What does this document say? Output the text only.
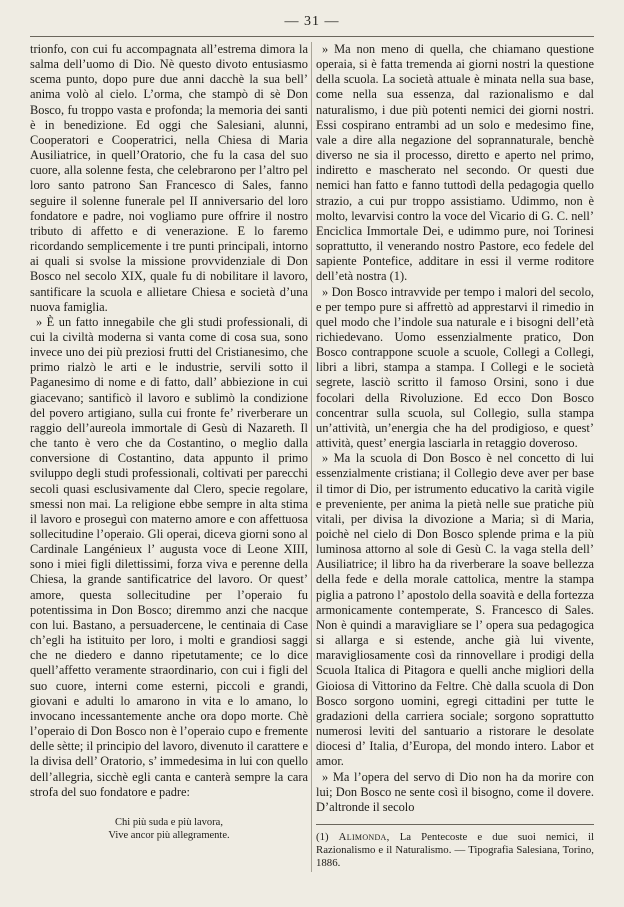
— 31 —

trionfo, con cui fu accompagnata all’estrema dimora la salma dell’uomo di Dio. Nè questo divoto entusiasmo scema punto, dopo pure due anni dacchè la sua bell’ anima volò al cielo. L’orma, che stampò di sè Don Bosco, fu troppo vasta e profonda; la memoria dei santi è in benedizione. Ed oggi che Salesiani, alunni, Cooperatori e Cooperatrici, nella Chiesa di Maria Ausiliatrice, in quell’Oratorio, che fu la casa del suo cuore, alla solenne festa, che celebrarono per l’altro pel loro santo patrono San Francesco di Sales, fanno seguire il solenne funerale pel II anniversario del loro fondatore e padre, noi vogliamo pure offrire il nostro tributo di affetto e di venerazione. E lo faremo ricordando semplicemente i tre punti principali, intorno ai quali si svolse la missione provvidenziale di Don Bosco nel secolo XIX, quale fu di nobilitare il lavoro, santificare la scuola e allietare Chiesa e società d’una nuova famiglia.

» È un fatto innegabile che gli studi professionali, di cui la civiltà moderna si vanta come di cosa sua, sono invece uno dei più preziosi frutti del Cristianesimo, che primo rialzò le arti e le industrie, servili sotto il Paganesimo di nome e di fatto, dall’ abbiezione in cui giacevano; santificò il lavoro e sublimò la condizione del povero artigiano, sulla cui fronte fe’ riverberare un raggio dell’aureola immortale di Gesù di Nazareth. Il che tanto è vero che da Costantino, o meglio dalla conversione di Costantino, data appunto il primo sviluppo degli studi professionali, coltivati per parecchi secoli quasi esclusivamente dal Clero, specie regolare, smessi non mai. La religione ebbe sempre in alta stima il lavoro e proseguì con materno amore e con affettuosa sollecitudine l’operaio. Gli operai, diceva giorni sono al Cardinale Langénieux l’ augusta voce di Leone XIII, sono i miei figli dilettissimi, forza viva e perenne della Chiesa, la grande santificatrice del lavoro. Or quest’ amore, questa sollecitudine per l’operaio fu potentissima in Don Bosco; diremmo anzi che nacque con lui. Bastano, a persuadercene, le centinaia di Case ch’egli ha istituito per loro, i molti e grandiosi saggi che ne diedero e danno ripetutamente; ce lo dice quell’affetto veramente straordinario, con cui i figli del suo cuore, interni come esterni, piccoli e grandi, giovani e adulti lo amarono in vita e lo amano, lo invocano incessantemente anche ora dopo morte. Chè l’operaio di Don Bosco non è l’operaio cupo e fremente delle sètte; il principio del lavoro, divenuto il carattere e la divisa dell’ Oratorio, s’ immedesima in lui con quello dell’allegria, sicchè egli canta e canterà sempre la cara strofa del suo fondatore e padre:

Chi più suda e più lavora,
Vive ancor più allegramente.

» Ma non meno di quella, che chiamano questione operaia, si è fatta tremenda ai giorni nostri la questione della scuola. La società attuale è minata nella sua base, come nella sua essenza, dal razionalismo e dal naturalismo, i due più potenti nemici dei giorni nostri. Essi cospirano entrambi ad un solo e medesimo fine, vale a dire alla negazione del soprannaturale, benchè diverso ne sia il processo, diretto e aperto nel primo, indiretto e mascherato nel secondo. Or questi due nemici han fatto e fanno tuttodì della pedagogia quello strazio, a cui pur troppo assistiamo. Udimmo, non è molto, levarvisi contro la voce del Vicario di G. C. nell’ Enciclica Immortale Dei, e udimmo pure, noi Torinesi soprattutto, il venerando nostro Pastore, eco fedele del sapiente Pontefice, additare in essi il verme roditore dell’età nostra (1).

» Don Bosco intravvide per tempo i malori del secolo, e per tempo pure si affrettò ad apprestarvi il rimedio in quel modo che l’indole sua naturale e i bisogni dell’età richiedevano. Uomo essenzialmente pratico, Don Bosco contrappone scuole a scuole, Collegi a Collegi, libri a libri, stampa a stampa. I Collegi e le società segrete, lasciò scritto il famoso Orsini, sono i due focolari della Rivoluzione. Ed ecco Don Bosco concentrar sulla scuola, sul Collegio, sulla stampa un’attività, un’energia che ha del prodigioso, e quest’ attività, quest’ energia lasciarla in retaggio doveroso.

» Ma la scuola di Don Bosco è nel concetto di lui essenzialmente cristiana; il Collegio deve aver per base il timor di Dio, per istrumento educativo la carità vigile e preveniente, per anima la pietà nelle sue pratiche più vitali, per divisa la divozione a Maria; sì di Maria, poichè nel cielo di Don Bosco splende prima e la più luminosa attorno al sole di Gesù C. la vaga stella dell’ Ausiliatrice; il libro ha da riverberare la soave bellezza della fede e della morale cattolica, mentre la stampa piglia a patrono l’ apostolo della soavità e della fortezza armonicamente contemperate, S. Francesco di Sales. Non è quindi a maravigliare se l’ opera sua pedagogica si allarga e si estende, anche già lui vivente, maravigliosamente così da rinnovellare i prodigi della Scuola Italica di Pitagora e quelli anche migliori della Gioiosa di Vittorino da Feltre. Chè dalla scuola di Don Bosco sorgono uomini, egregi cittadini per tutte le gradazioni della carriera sociale; sorgono soprattutto numerosi leviti del santuario a ristorare le desolate diocesi d’ Italia, d’Europa, del mondo intero. Labor et amor.

» Ma l’opera del servo di Dio non ha da morire con lui; Don Bosco ne sente così il bisogno, come il dovere. D’altronde il secolo

(1) Alimonda, La Pentecoste e due suoi nemici, il Razionalismo e il Naturalismo. — Tipografia Salesiana, Torino, 1886.
